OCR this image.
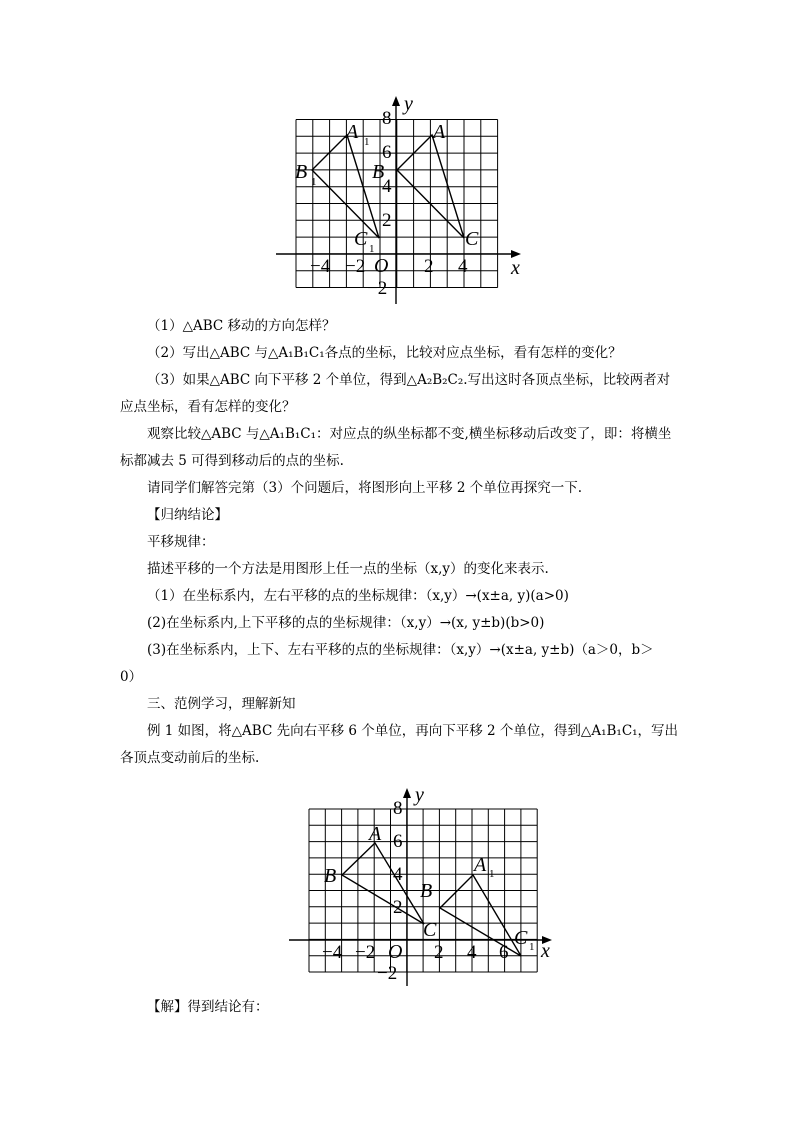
y
x
O
−4 −2	2 4
8
6
4
2
−2
A
A 1
B
B 1
C
C 1
（1）△ABC 移动的方向怎样？
（2）写出△ABC 与△A₁B₁C₁各点的坐标，比较对应点坐标，看有怎样的变化？
（3）如果△ABC 向下平移 2 个单位，得到△A₂B₂C₂.写出这时各顶点坐标，比较两者对
应点坐标，看有怎样的变化？
观察比较△ABC 与△A₁B₁C₁：对应点的纵坐标都不变,横坐标移动后改变了，即：将横坐
标都减去 5 可得到移动后的点的坐标.
请同学们解答完第（3）个问题后，将图形向上平移 2 个单位再探究一下.
【归纳结论】
平移规律：
描述平移的一个方法是用图形上任一点的坐标（x,y）的变化来表示.
（1）在坐标系内，左右平移的点的坐标规律：（x,y）→(x±a, y)(a>0)
(2)在坐标系内,上下平移的点的坐标规律：（x,y）→(x, y±b)(b>0)
(3)在坐标系内，上下、左右平移的点的坐标规律：（x,y）→(x±a, y±b)（a＞0，b＞
0）
三、范例学习，理解新知
例 1 如图，将△ABC 先向右平移 6 个单位，再向下平移 2 个单位，得到△A₁B₁C₁，写出
各顶点变动前后的坐标.
【解】得到结论有：
y
x
O
−4 −2	2 4 6
8
6
4
2
−2
A
B
C
B
A 1
C 1
